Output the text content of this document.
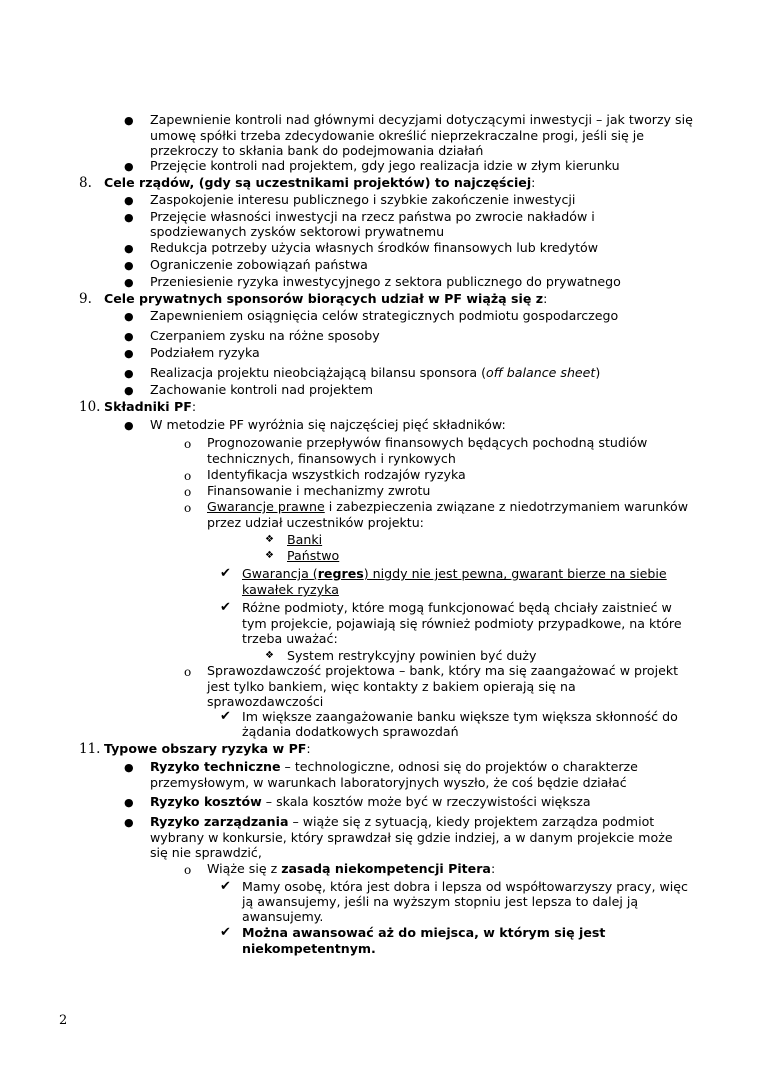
● Zapewnienie kontroli nad głównymi decyzjami dotyczącymi inwestycji – jak tworzy się
umowę spółki trzeba zdecydowanie określić nieprzekraczalne progi, jeśli się je
przekroczy to skłania bank do podejmowania działań
● Przejęcie kontroli nad projektem, gdy jego realizacja idzie w złym kierunku
8. Cele rządów, (gdy są uczestnikami projektów) to najczęściej:
● Zaspokojenie interesu publicznego i szybkie zakończenie inwestycji
● Przejęcie własności inwestycji na rzecz państwa po zwrocie nakładów i
spodziewanych zysków sektorowi prywatnemu
● Redukcja potrzeby użycia własnych środków finansowych lub kredytów
● Ograniczenie zobowiązań państwa
● Przeniesienie ryzyka inwestycyjnego z sektora publicznego do prywatnego
9. Cele prywatnych sponsorów biorących udział w PF wiążą się z:
● Zapewnieniem osiągnięcia celów strategicznych podmiotu gospodarczego
● Czerpaniem zysku na różne sposoby
● Podziałem ryzyka
● Realizacja projektu nieobciążającą bilansu sponsora (off balance sheet)
● Zachowanie kontroli nad projektem
10. Składniki PF:
● W metodzie PF wyróżnia się najczęściej pięć składników:
o Prognozowanie przepływów finansowych będących pochodną studiów
technicznych, finansowych i rynkowych
o Identyfikacja wszystkich rodzajów ryzyka
o Finansowanie i mechanizmy zwrotu
o Gwarancje prawne i zabezpieczenia związane z niedotrzymaniem warunków
przez udział uczestników projektu:
❖ Banki
❖ Państwo
✔ Gwarancja (regres) nigdy nie jest pewna, gwarant bierze na siebie
kawałek ryzyka
✔ Różne podmioty, które mogą funkcjonować będą chciały zaistnieć w
tym projekcie, pojawiają się również podmioty przypadkowe, na które
trzeba uważać:
❖ System restrykcyjny powinien być duży
o Sprawozdawczość projektowa – bank, który ma się zaangażować w projekt
jest tylko bankiem, więc kontakty z bakiem opierają się na
sprawozdawczości
✔ Im większe zaangażowanie banku większe tym większa skłonność do
żądania dodatkowych sprawozdań
11. Typowe obszary ryzyka w PF:
● Ryzyko techniczne – technologiczne, odnosi się do projektów o charakterze
przemysłowym, w warunkach laboratoryjnych wyszło, że coś będzie działać
● Ryzyko kosztów – skala kosztów może być w rzeczywistości większa
● Ryzyko zarządzania – wiąże się z sytuacją, kiedy projektem zarządza podmiot
wybrany w konkursie, który sprawdzał się gdzie indziej, a w danym projekcie może
się nie sprawdzić,
o Wiąże się z zasadą niekompetencji Pitera:
✔ Mamy osobę, która jest dobra i lepsza od współtowarzyszy pracy, więc
ją awansujemy, jeśli na wyższym stopniu jest lepsza to dalej ją
awansujemy.
✔ Można awansować aż do miejsca, w którym się jest
niekompetentnym.
2
